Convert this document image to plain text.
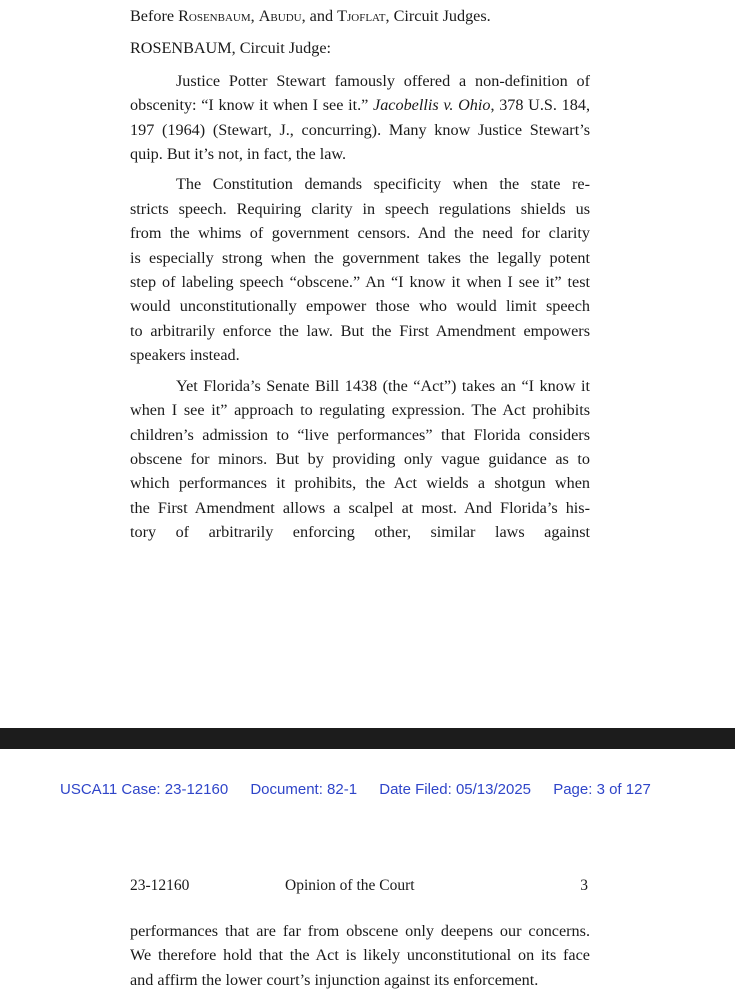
Before Rosenbaum, Abudu, and Tjoflat, Circuit Judges.
ROSENBAUM, Circuit Judge:
Justice Potter Stewart famously offered a non-definition of
obscenity: “I know it when I see it.” Jacobellis v. Ohio, 378 U.S. 184,
197 (1964) (Stewart, J., concurring). Many know Justice Stewart’s
quip. But it’s not, in fact, the law.
The Constitution demands specificity when the state re-
stricts speech. Requiring clarity in speech regulations shields us
from the whims of government censors. And the need for clarity
is especially strong when the government takes the legally potent
step of labeling speech “obscene.” An “I know it when I see it” test
would unconstitutionally empower those who would limit speech
to arbitrarily enforce the law. But the First Amendment empowers
speakers instead.
Yet Florida’s Senate Bill 1438 (the “Act”) takes an “I know it
when I see it” approach to regulating expression. The Act prohibits
children’s admission to “live performances” that Florida considers
obscene for minors. But by providing only vague guidance as to
which performances it prohibits, the Act wields a shotgun when
the First Amendment allows a scalpel at most. And Florida’s his-
tory of arbitrarily enforcing other, similar laws against
USCA11 Case: 23-12160 Document: 82-1 Date Filed: 05/13/2025 Page: 3 of 127
23-12160	Opinion of the Court	3
performances that are far from obscene only deepens our concerns.
We therefore hold that the Act is likely unconstitutional on its face
and affirm the lower court’s injunction against its enforcement.
